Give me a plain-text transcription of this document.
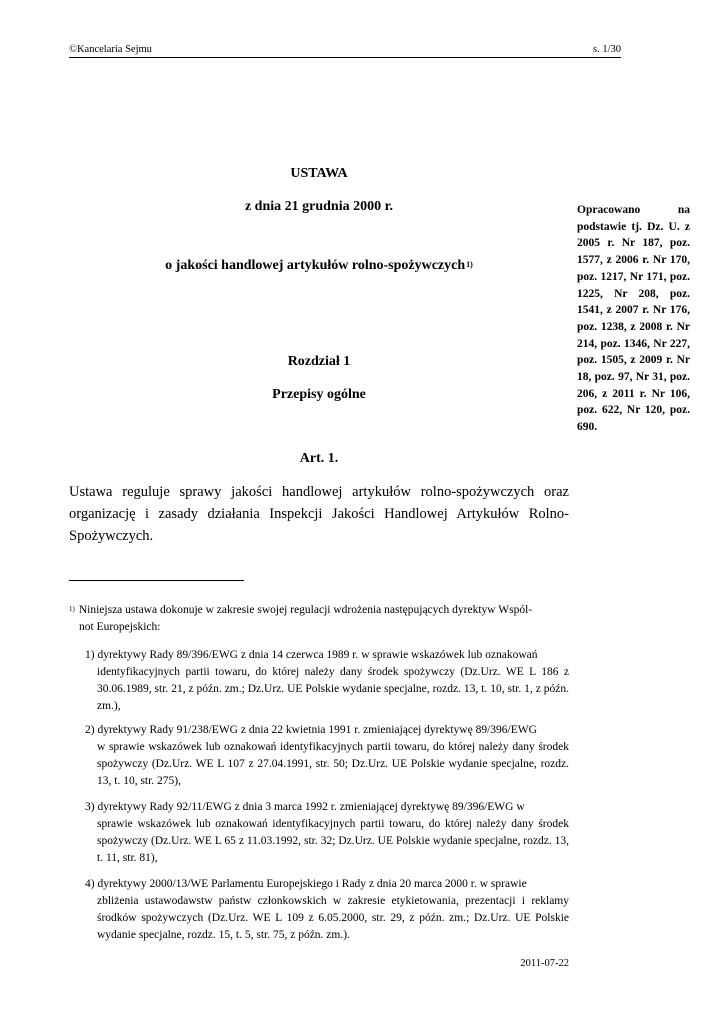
©Kancelaria Sejmu	s. 1/30
USTAWA
z dnia 21 grudnia 2000 r.
o jakości handlowej artykułów rolno-spożywczych$^{1)}$
Opracowano na podstawie tj. Dz. U. z 2005 r. Nr 187, poz. 1577, z 2006 r. Nr 170, poz. 1217, Nr 171, poz. 1225, Nr 208, poz. 1541, z 2007 r. Nr 176, poz. 1238, z 2008 r. Nr 214, poz. 1346, Nr 227, poz. 1505, z 2009 r. Nr 18, poz. 97, Nr 31, poz. 206, z 2011 r. Nr 106, poz. 622, Nr 120, poz. 690.
Rozdział 1
Przepisy ogólne
Art. 1.
Ustawa reguluje sprawy jakości handlowej artykułów rolno-spożywczych oraz organizację i zasady działania Inspekcji Jakości Handlowej Artykułów Rolno-Spożywczych.
$^{1)}$ Niniejsza ustawa dokonuje w zakresie swojej regulacji wdrożenia następujących dyrektyw Wspól-
not Europejskich:
1) dyrektywy Rady 89/396/EWG z dnia 14 czerwca 1989 r. w sprawie wskazówek lub oznakowań
identyfikacyjnych partii towaru, do której należy dany środek spożywczy (Dz.Urz. WE L 186 z 30.06.1989, str. 21, z późn. zm.; Dz.Urz. UE Polskie wydanie specjalne, rozdz. 13, t. 10, str. 1, z późn. zm.),
2) dyrektywy Rady 91/238/EWG z dnia 22 kwietnia 1991 r. zmieniającej dyrektywę 89/396/EWG
w sprawie wskazówek lub oznakowań identyfikacyjnych partii towaru, do której należy dany środek spożywczy (Dz.Urz. WE L 107 z 27.04.1991, str. 50; Dz.Urz. UE Polskie wydanie specjalne, rozdz. 13, t. 10, str. 275),
3) dyrektywy Rady 92/11/EWG z dnia 3 marca 1992 r. zmieniającej dyrektywę 89/396/EWG w
sprawie wskazówek lub oznakowań identyfikacyjnych partii towaru, do której należy dany środek spożywczy (Dz.Urz. WE L 65 z 11.03.1992, str. 32; Dz.Urz. UE Polskie wydanie specjalne, rozdz. 13, t. 11, str. 81),
4) dyrektywy 2000/13/WE Parlamentu Europejskiego i Rady z dnia 20 marca 2000 r. w sprawie
zbliżenia ustawodawstw państw członkowskich w zakresie etykietowania, prezentacji i reklamy środków spożywczych (Dz.Urz. WE L 109 z 6.05.2000, str. 29, z późn. zm.; Dz.Urz. UE Polskie wydanie specjalne, rozdz. 15, t. 5, str. 75, z późn. zm.).
2011-07-22
